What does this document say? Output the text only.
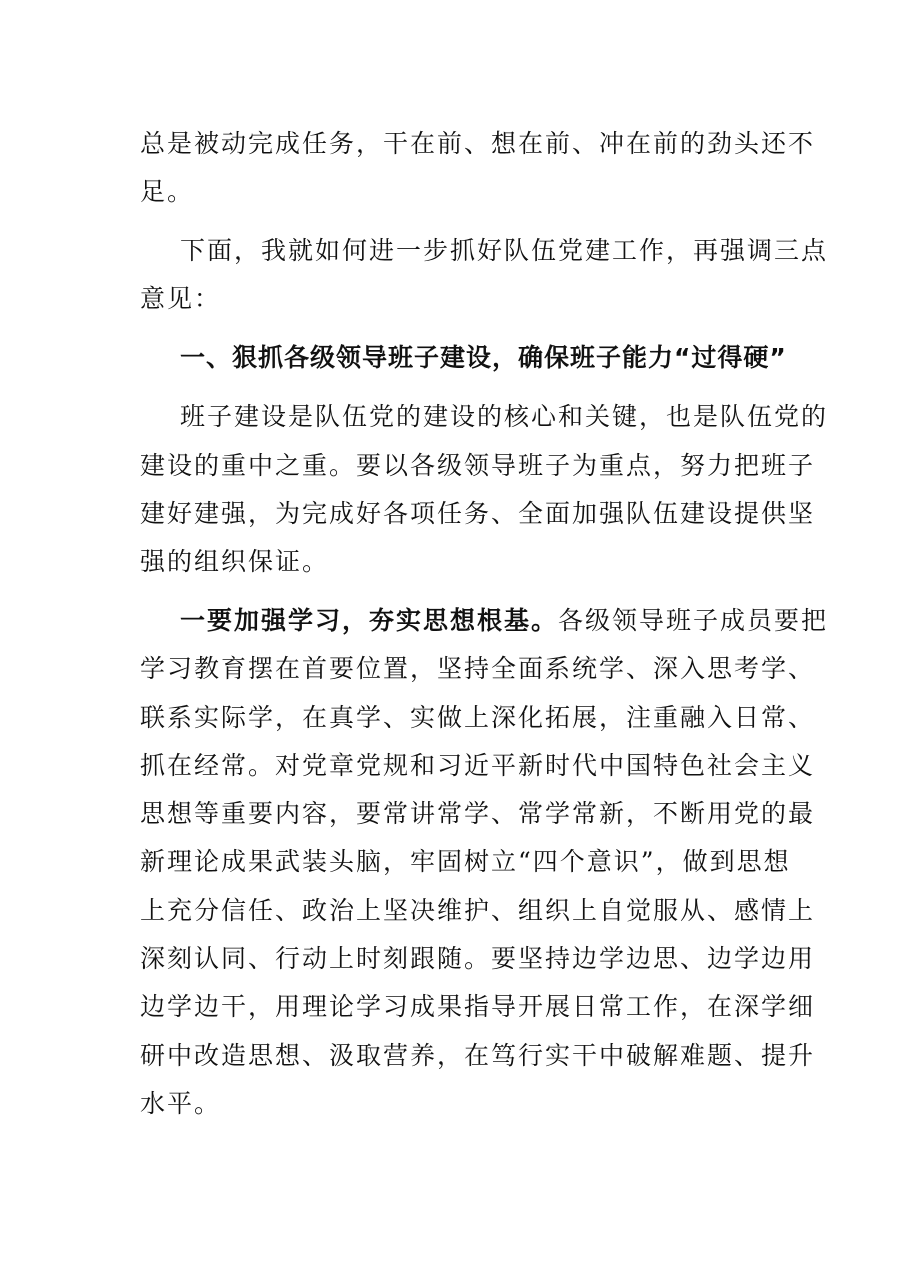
总是被动完成任务，干在前、想在前、冲在前的劲头还不
足。
下面，我就如何进一步抓好队伍党建工作，再强调三点
意见：
一、狠抓各级领导班子建设，确保班子能力“过得硬”
班子建设是队伍党的建设的核心和关键，也是队伍党的
建设的重中之重。要以各级领导班子为重点，努力把班子
建好建强，为完成好各项任务、全面加强队伍建设提供坚
强的组织保证。
一要加强学习，夯实思想根基。各级领导班子成员要把
学习教育摆在首要位置，坚持全面系统学、深入思考学、
联系实际学，在真学、实做上深化拓展，注重融入日常、
抓在经常。对党章党规和习近平新时代中国特色社会主义
思想等重要内容，要常讲常学、常学常新，不断用党的最
新理论成果武装头脑，牢固树立“四个意识”，做到思想
上充分信任、政治上坚决维护、组织上自觉服从、感情上
深刻认同、行动上时刻跟随。要坚持边学边思、边学边用
边学边干，用理论学习成果指导开展日常工作，在深学细
研中改造思想、汲取营养，在笃行实干中破解难题、提升
水平。
